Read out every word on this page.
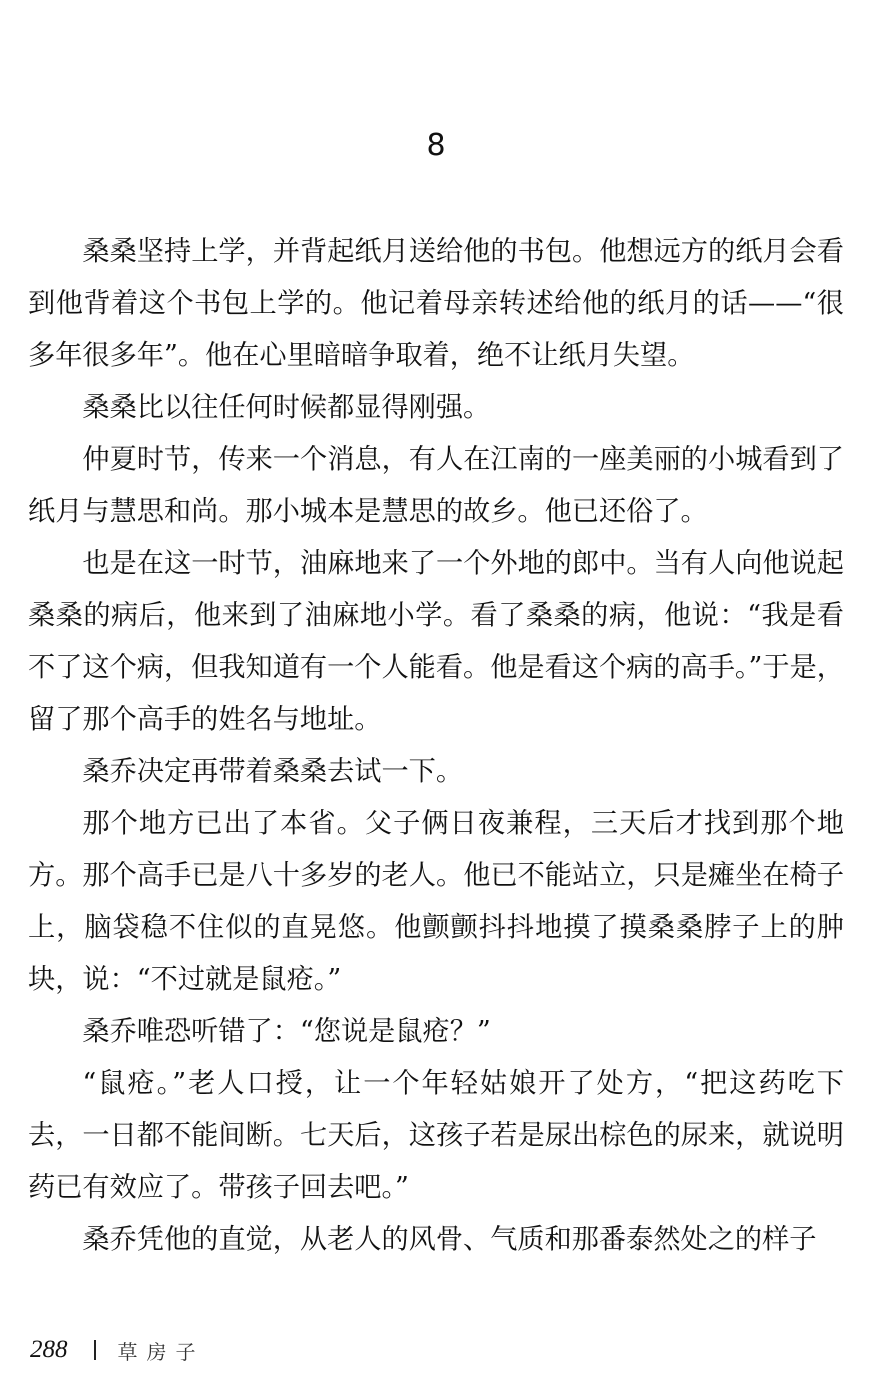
8

桑桑坚持上学，并背起纸月送给他的书包。他想远方的纸月会看到他背着这个书包上学的。他记着母亲转述给他的纸月的话——“很多年很多年”。他在心里暗暗争取着，绝不让纸月失望。

桑桑比以往任何时候都显得刚强。

仲夏时节，传来一个消息，有人在江南的一座美丽的小城看到了纸月与慧思和尚。那小城本是慧思的故乡。他已还俗了。

也是在这一时节，油麻地来了一个外地的郎中。当有人向他说起桑桑的病后，他来到了油麻地小学。看了桑桑的病，他说：“我是看不了这个病，但我知道有一个人能看。他是看这个病的高手。”于是，留了那个高手的姓名与地址。

桑乔决定再带着桑桑去试一下。

那个地方已出了本省。父子俩日夜兼程，三天后才找到那个地方。那个高手已是八十多岁的老人。他已不能站立，只是瘫坐在椅子上，脑袋稳不住似的直晃悠。他颤颤抖抖地摸了摸桑桑脖子上的肿块，说：“不过就是鼠疮。”

桑乔唯恐听错了：“您说是鼠疮？”

“鼠疮。”老人口授，让一个年轻姑娘开了处方，“把这药吃下去，一日都不能间断。七天后，这孩子若是尿出棕色的尿来，就说明药已有效应了。带孩子回去吧。”

桑乔凭他的直觉，从老人的风骨、气质和那番泰然处之的样子

288	草房子
